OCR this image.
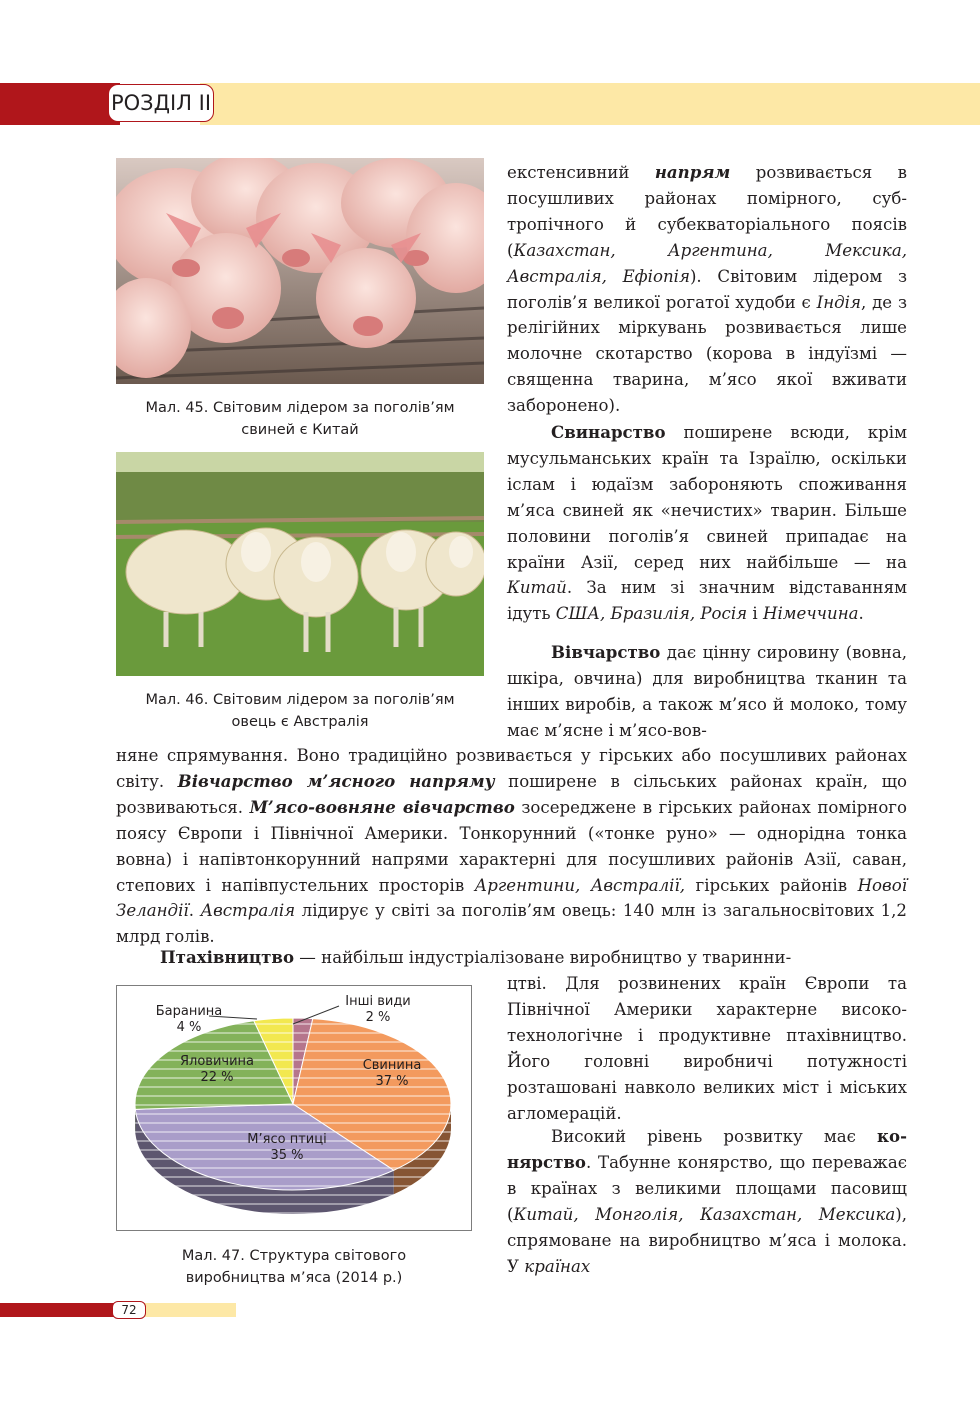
РОЗДІЛ II
Мал. 45. Світовим лідером за поголів’ям
свиней є Китай
Мал. 46. Світовим лідером за поголів’ям
овець є Австралія

екстенсивний напрям розвивається в посушливих районах помірного, субтропічного й субекваторіального поясів (Казахстан, Аргентина, Мексика, Австралія, Ефіопія). Світовим лідером з поголів’я великої рогатої худоби є Індія, де з релігійних міркувань розвивається лише молочне скотарство (корова в індуїзмі — священна тварина, м’ясо якої вживати заборонено).

Свинарство поширене всюди, крім мусульманських країн та Ізраїлю, оскільки іслам і юдаїзм забороняють споживання м’яса свиней як «нечистих» тварин. Більше половини поголів’я свиней припадає на країни Азії, серед них найбільше — на Китай. За ним зі значним відставанням ідуть США, Бразилія, Росія і Німеччина.

Вівчарство дає цінну сировину (вовна, шкіра, овчина) для виробництва тканин та інших виробів, а також м’ясо й молоко, тому має м’ясне і м’ясо-вов-

няне спрямування. Воно традиційно розвивається у гірських або посушливих районах світу. Вівчарство м’ясного напряму поширене в сільських районах країн, що розвиваються. М’ясо-вовняне вівчарство зосереджене в гірських районах помірного поясу Європи і Північної Америки. Тонкорунний («тонке руно» — однорідна тонка вовна) і напівтонкорунний напрями характерні для посушливих районів Азії, саван, степових і напівпустельних просторів Аргентини, Австралії, гірських районів Нової Зеландії. Австралія лідирує у світі за поголів’ям овець: 140 млн із загальносвітових 1,2 млрд голів.

Птахівництво — найбільш індустріалізоване виробництво у тваринни-

цтві. Для розвинених країн Європи та Північної Америки характерне високотехнологічне і продуктивне птахівництво. Його головні виробничі потужності розташовані навколо великих міст і міських агломерацій.

Високий рівень розвитку має конярство. Табунне конярство, що переважає в країнах з великими площами пасовищ (Китай, Монголія, Казахстан, Мексика), спрямоване на виробництво м’яса і молока. У країнах

Баранина
4 %
Інші види
2 %
Свинина
37 %
М’ясо птиці
35 %
Яловичина
22 %
Мал. 47. Структура світового
виробництва м’ясa (2014 р.)
72
